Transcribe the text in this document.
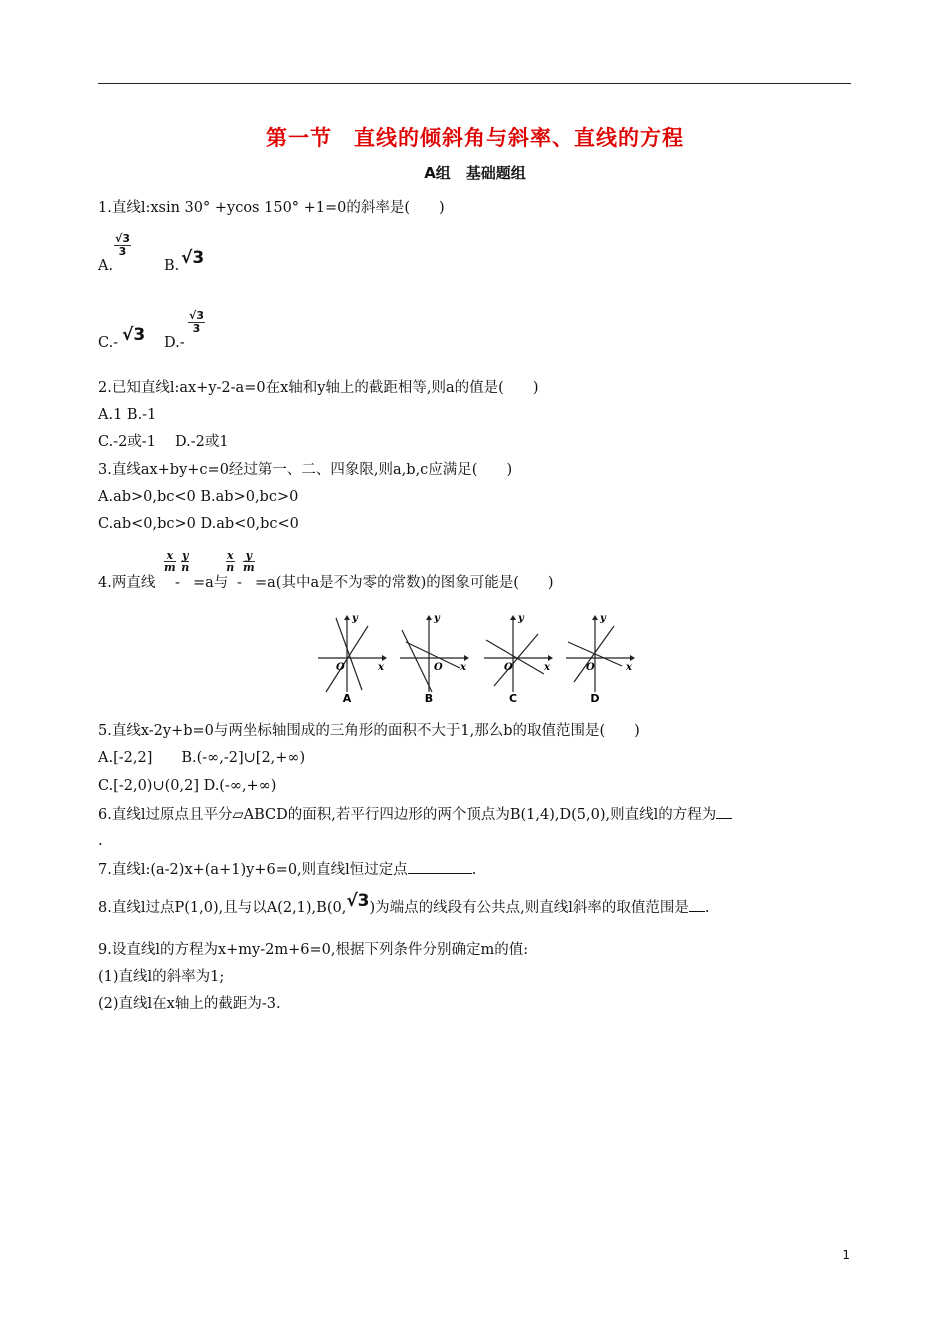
第一节　直线的倾斜角与斜率、直线的方程
A组　基础题组
1.直线l:xsin 30° +ycos 150° +1=0的斜率是(　　)
A.
$\frac{√3}{3}$
B. √3
C.- √3 D.-
$\frac{√3}{3}$
2.已知直线l:ax+y-2-a=0在x轴和y轴上的截距相等,则a的值是(　　)
A.1 B.-1
C.-2或-1　 D.-2或1
3.直线ax+by+c=0经过第一、二、四象限,则a,b,c应满足(　　)
A.ab>0,bc<0 B.ab>0,bc>0
C.ab<0,bc>0 D.ab<0,bc<0
4.两直线
$\frac{x}{m}$
-
$\frac{y}{n}$
=a与
$\frac{x}{n}$
-
$\frac{y}{m}$
=a(其中a是不为零的常数)的图象可能是(　　)
y
x
O
A
y
x
O
B
y
x
O
C
y
x
O
D
5.直线x-2y+b=0与两坐标轴围成的三角形的面积不大于1,那么b的取值范围是(　　)
A.[-2,2]　　B.(-∞,-2]∪[2,+∞)
C.[-2,0)∪(0,2] D.(-∞,+∞)
6.直线l过原点且平分▱ABCD的面积,若平行四边形的两个顶点为B(1,4),D(5,0),则直线l的方程为
.
7.直线l:(a-2)x+(a+1)y+6=0,则直线l恒过定点	.
8.直线l过点P(1,0),且与以A(2,1),B(0,√3)为端点的线段有公共点,则直线l斜率的取值范围是 .
9.设直线l的方程为x+my-2m+6=0,根据下列条件分别确定m的值:
(1)直线l的斜率为1;
(2)直线l在x轴上的截距为-3.
1
